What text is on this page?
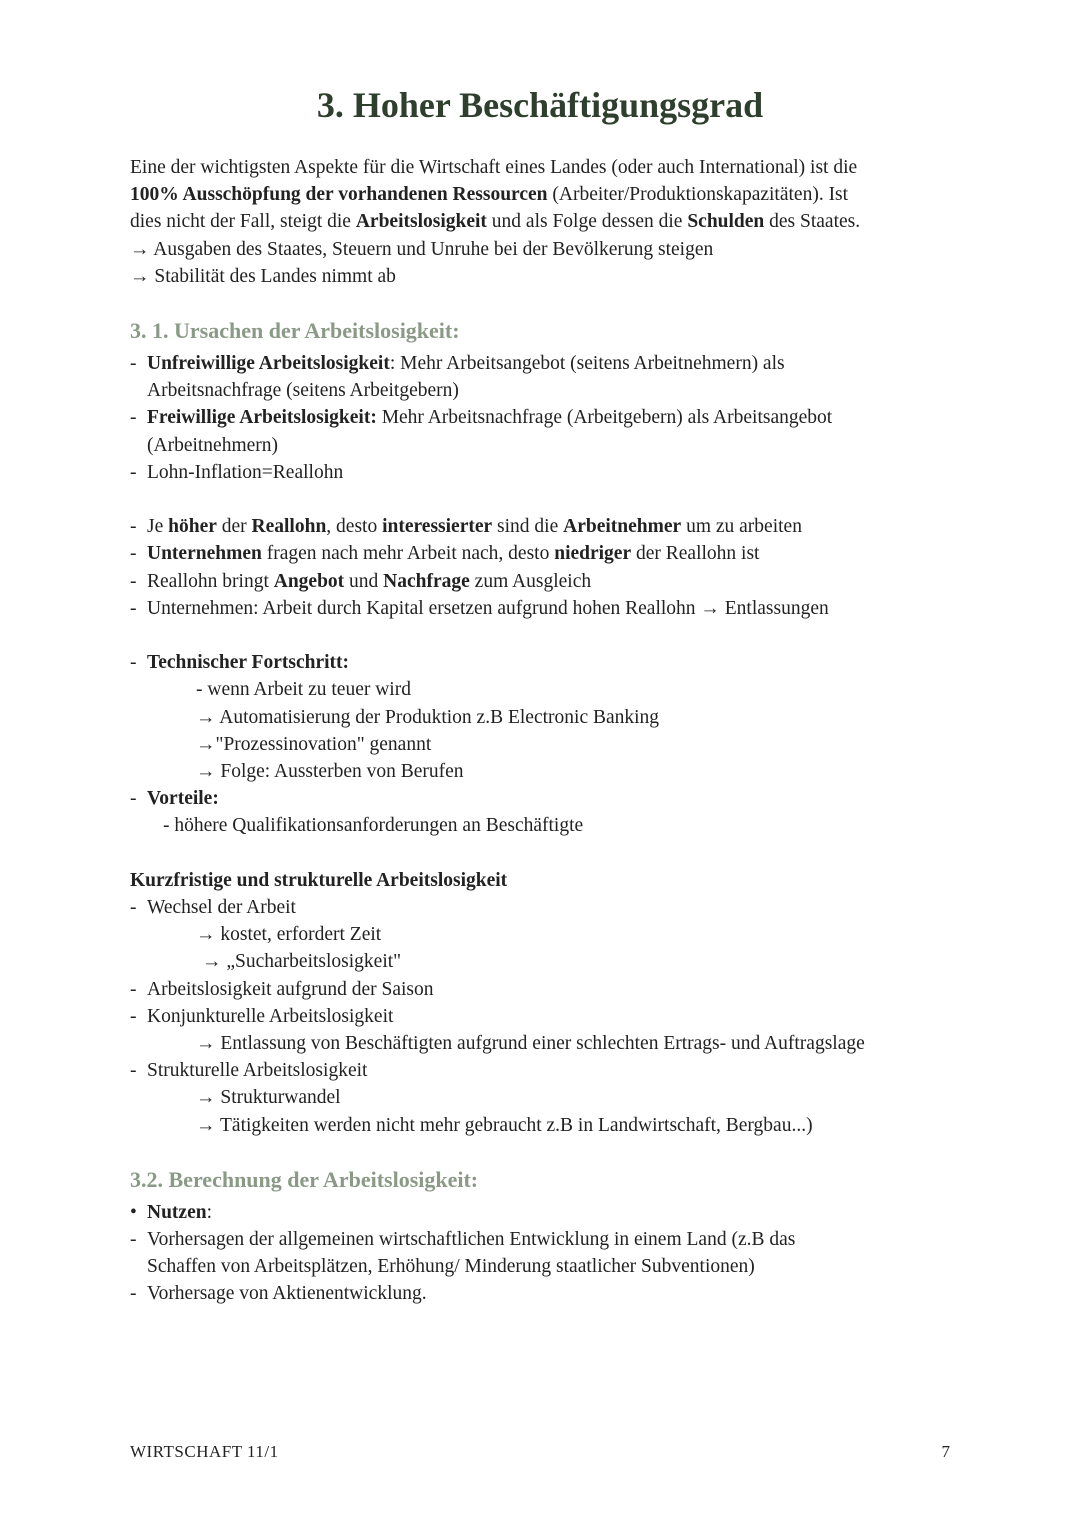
3. Hoher Beschäftigungsgrad

Eine der wichtigsten Aspekte für die Wirtschaft eines Landes (oder auch International) ist die

100% Ausschöpfung der vorhandenen Ressourcen (Arbeiter/Produktionskapazitäten). Ist

dies nicht der Fall, steigt die Arbeitslosigkeit und als Folge dessen die Schulden des Staates.

→ Ausgaben des Staates, Steuern und Unruhe bei der Bevölkerung steigen

→ Stabilität des Landes nimmt ab

3. 1. Ursachen der Arbeitslosigkeit:
- Unfreiwillige Arbeitslosigkeit: Mehr Arbeitsangebot (seitens Arbeitnehmern) als
Arbeitsnachfrage (seitens Arbeitgebern)
- Freiwillige Arbeitslosigkeit: Mehr Arbeitsnachfrage (Arbeitgebern) als Arbeitsangebot
(Arbeitnehmern)
- Lohn-Inflation=Reallohn
- Je höher der Reallohn, desto interessierter sind die Arbeitnehmer um zu arbeiten
- Unternehmen fragen nach mehr Arbeit nach, desto niedriger der Reallohn ist
- Reallohn bringt Angebot und Nachfrage zum Ausgleich
- Unternehmen: Arbeit durch Kapital ersetzen aufgrund hohen Reallohn → Entlassungen
- Technischer Fortschritt:

- wenn Arbeit zu teuer wird

→ Automatisierung der Produktion z.B Electronic Banking

→"Prozessinovation" genannt

→ Folge: Aussterben von Berufen

- Vorteile:

- höhere Qualifikationsanforderungen an Beschäftigte

Kurzfristige und strukturelle Arbeitslosigkeit

- Wechsel der Arbeit

→ kostet, erfordert Zeit

→ „Sucharbeitslosigkeit"

- Arbeitslosigkeit aufgrund der Saison
- Konjunkturelle Arbeitslosigkeit

→ Entlassung von Beschäftigten aufgrund einer schlechten Ertrags- und Auftragslage

- Strukturelle Arbeitslosigkeit

→ Strukturwandel

→ Tätigkeiten werden nicht mehr gebraucht z.B in Landwirtschaft, Bergbau...)

3.2. Berechnung der Arbeitslosigkeit:
• Nutzen:
- Vorhersagen der allgemeinen wirtschaftlichen Entwicklung in einem Land (z.B das
Schaffen von Arbeitsplätzen, Erhöhung/ Minderung staatlicher Subventionen)
- Vorhersage von Aktienentwicklung.
WIRTSCHAFT 11/1	7
